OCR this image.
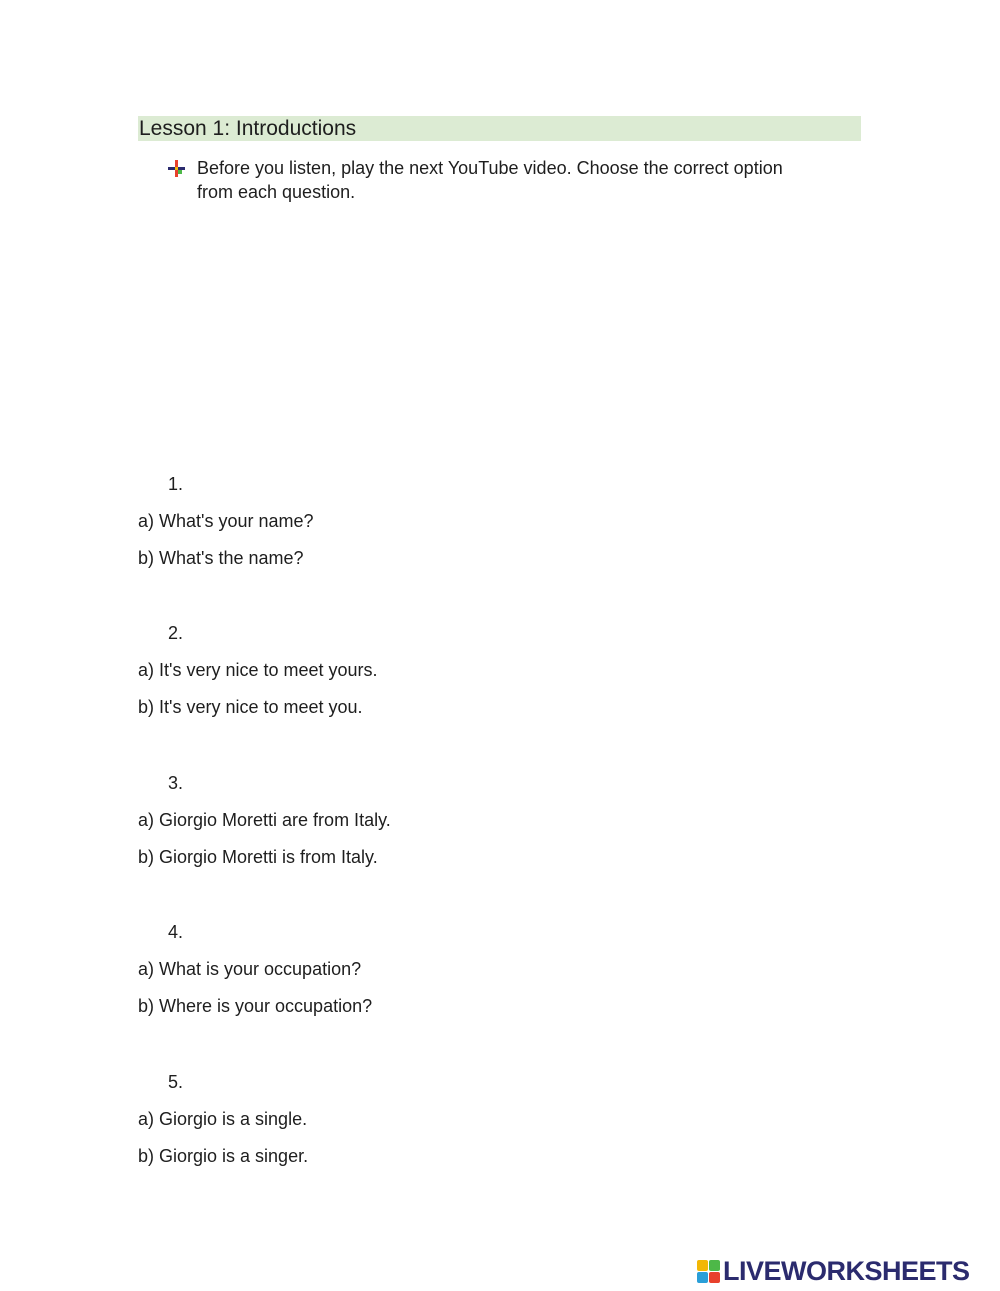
Lesson 1: Introductions
Before you listen, play the next YouTube video. Choose the correct option from each question.
1.
a) What's your name?
b) What's the name?
2.
a) It's very nice to meet yours.
b) It's very nice to meet you.
3.
a) Giorgio Moretti are from Italy.
b) Giorgio Moretti is from Italy.
4.
a) What is your occupation?
b) Where is your occupation?
5.
a) Giorgio is a single.
b) Giorgio is a singer.
LIVEWORKSHEETS
